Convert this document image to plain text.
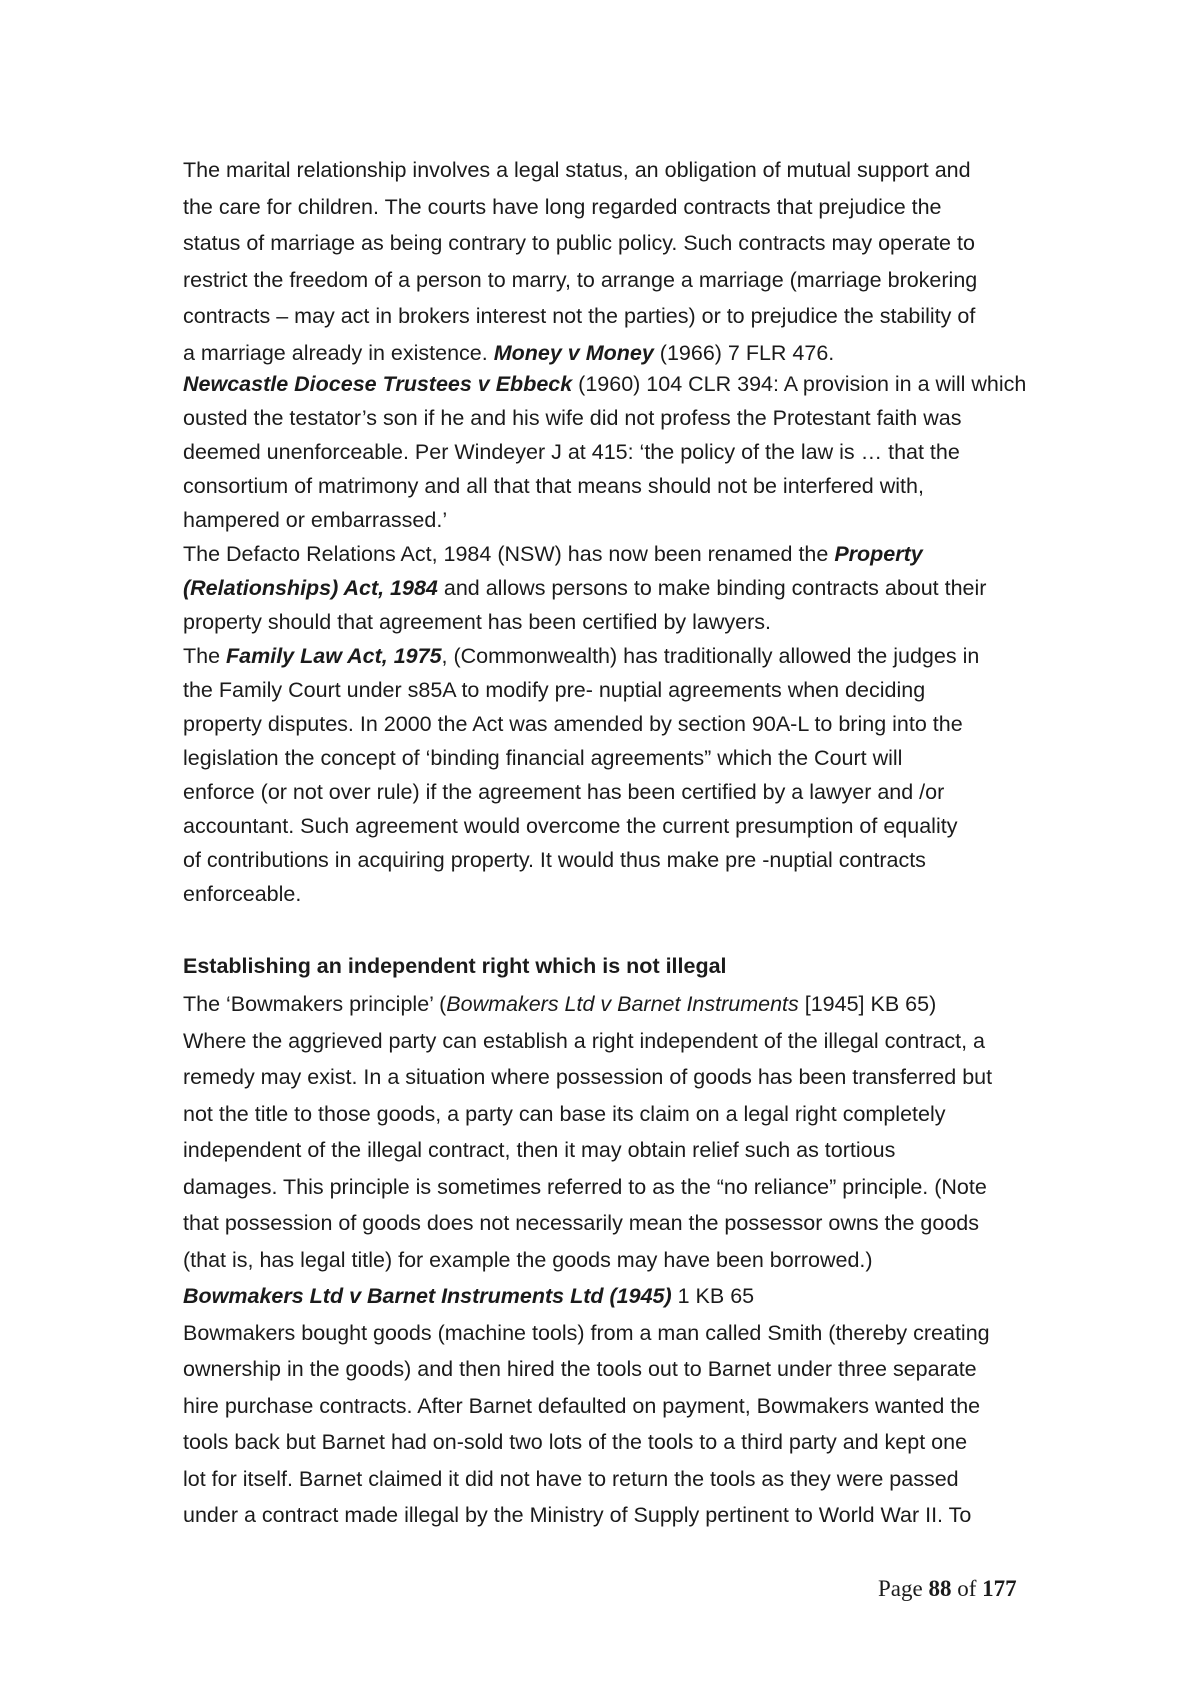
The marital relationship involves a legal status, an obligation of mutual support and
the care for children. The courts have long regarded contracts that prejudice the
status of marriage as being contrary to public policy. Such contracts may operate to
restrict the freedom of a person to marry, to arrange a marriage (marriage brokering
contracts – may act in brokers interest not the parties) or to prejudice the stability of
a marriage already in existence. Money v Money (1966) 7 FLR 476.
Newcastle Diocese Trustees v Ebbeck (1960) 104 CLR 394: A provision in a will which
ousted the testator’s son if he and his wife did not profess the Protestant faith was
deemed unenforceable. Per Windeyer J at 415: ‘the policy of the law is … that the
consortium of matrimony and all that that means should not be interfered with,
hampered or embarrassed.’
The Defacto Relations Act, 1984 (NSW) has now been renamed the Property
(Relationships) Act, 1984 and allows persons to make binding contracts about their
property should that agreement has been certified by lawyers.
The Family Law Act, 1975, (Commonwealth) has traditionally allowed the judges in
the Family Court under s85A to modify pre- nuptial agreements when deciding
property disputes. In 2000 the Act was amended by section 90A-L to bring into the
legislation the concept of ‘binding financial agreements” which the Court will
enforce (or not over rule) if the agreement has been certified by a lawyer and /or
accountant. Such agreement would overcome the current presumption of equality
of contributions in acquiring property. It would thus make pre -nuptial contracts
enforceable.
Establishing an independent right which is not illegal
The ‘Bowmakers principle’ (Bowmakers Ltd v Barnet Instruments [1945] KB 65)
Where the aggrieved party can establish a right independent of the illegal contract, a
remedy may exist. In a situation where possession of goods has been transferred but
not the title to those goods, a party can base its claim on a legal right completely
independent of the illegal contract, then it may obtain relief such as tortious
damages. This principle is sometimes referred to as the “no reliance” principle. (Note
that possession of goods does not necessarily mean the possessor owns the goods
(that is, has legal title) for example the goods may have been borrowed.)
Bowmakers Ltd v Barnet Instruments Ltd (1945) 1 KB 65
Bowmakers bought goods (machine tools) from a man called Smith (thereby creating
ownership in the goods) and then hired the tools out to Barnet under three separate
hire purchase contracts. After Barnet defaulted on payment, Bowmakers wanted the
tools back but Barnet had on-sold two lots of the tools to a third party and kept one
lot for itself. Barnet claimed it did not have to return the tools as they were passed
under a contract made illegal by the Ministry of Supply pertinent to World War II. To
Page 88 of 177
